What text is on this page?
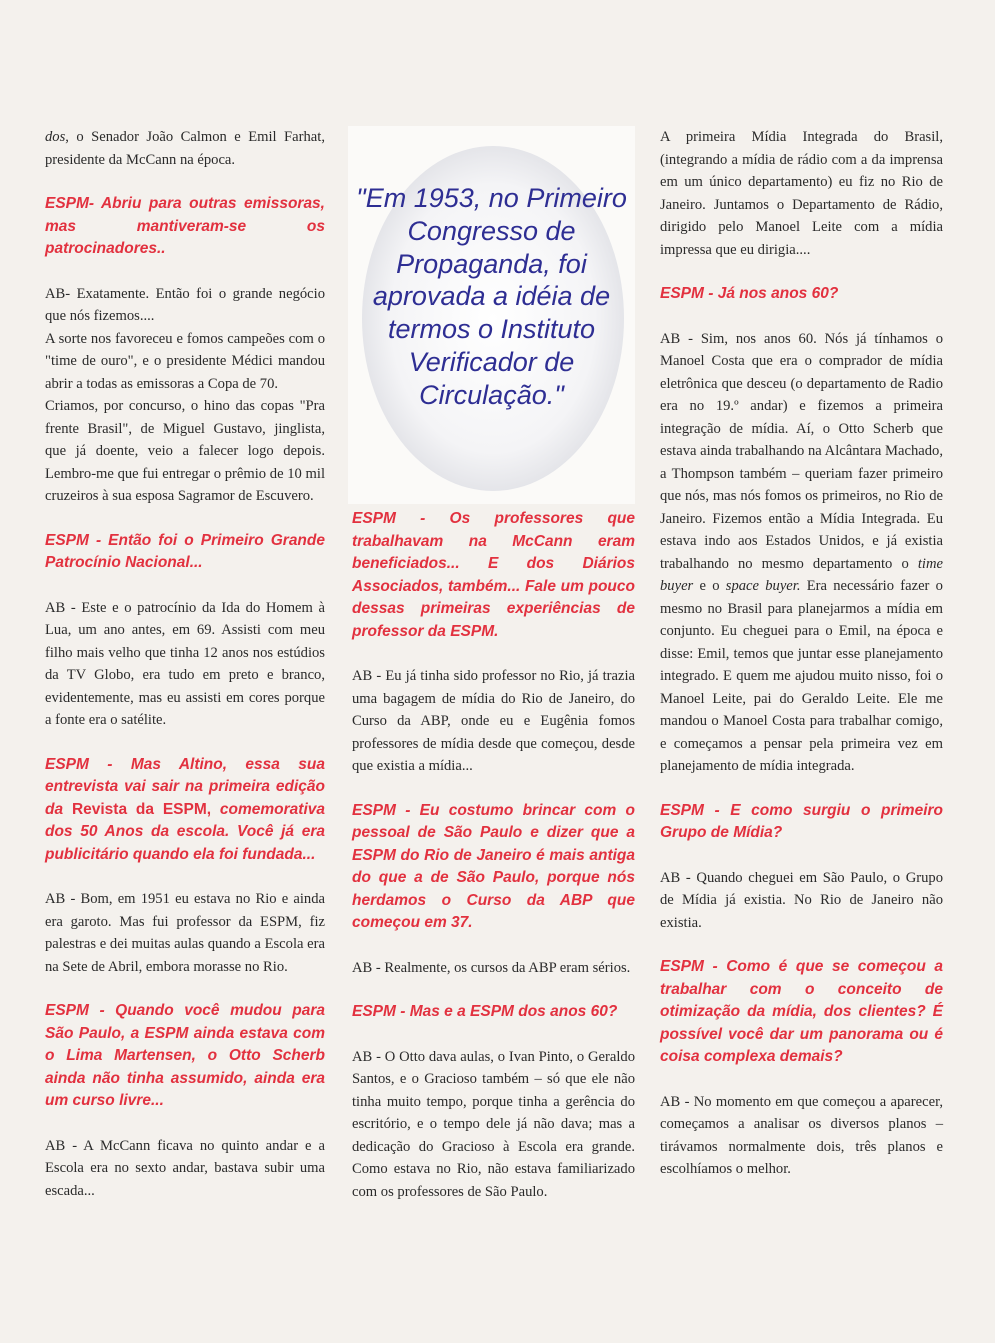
dos, o Senador João Calmon e Emil Farhat, presidente da McCann na época.

ESPM- Abriu para outras emissoras, mas mantiveram-se os patrocinadores..

AB- Exatamente. Então foi o grande negócio que nós fizemos....

A sorte nos favoreceu e fomos campeões com o "time de ouro", e o presidente Médici mandou abrir a todas as emissoras a Copa de 70.

Criamos, por concurso, o hino das copas "Pra frente Brasil", de Miguel Gustavo, jinglista, que já doente, veio a falecer logo depois. Lembro-me que fui entregar o prêmio de 10 mil cruzeiros à sua esposa Sagramor de Escuvero.

ESPM - Então foi o Primeiro Grande Patrocínio Nacional...

AB - Este e o patrocínio da Ida do Homem à Lua, um ano antes, em 69. Assisti com meu filho mais velho que tinha 12 anos nos estúdios da TV Globo, era tudo em preto e branco, evidentemente, mas eu assisti em cores porque a fonte era o satélite.

ESPM - Mas Altino, essa sua entrevista vai sair na primeira edição da Revista da ESPM, comemorativa dos 50 Anos da escola. Você já era publicitário quando ela foi fundada...

AB - Bom, em 1951 eu estava no Rio e ainda era garoto. Mas fui professor da ESPM, fiz palestras e dei muitas aulas quando a Escola era na Sete de Abril, embora morasse no Rio.

ESPM - Quando você mudou para São Paulo, a ESPM ainda estava com o Lima Martensen, o Otto Scherb ainda não tinha assumido, ainda era um curso livre...

AB - A McCann ficava no quinto andar e a Escola era no sexto andar, bastava subir uma escada...

"Em 1953, no Primeiro Congresso de Propaganda, foi aprovada a idéia de termos o Instituto Verificador de Circulação."
ESPM - Os professores que trabalhavam na McCann eram beneficiados... E dos Diários Associados, também... Fale um pouco dessas primeiras experiências de professor da ESPM.

AB - Eu já tinha sido professor no Rio, já trazia uma bagagem de mídia do Rio de Janeiro, do Curso da ABP, onde eu e Eugênia fomos professores de mídia desde que começou, desde que existia a mídia...

ESPM - Eu costumo brincar com o pessoal de São Paulo e dizer que a ESPM do Rio de Janeiro é mais antiga do que a de São Paulo, porque nós herdamos o Curso da ABP que começou em 37.

AB - Realmente, os cursos da ABP eram sérios.

ESPM - Mas e a ESPM dos anos 60?

AB - O Otto dava aulas, o Ivan Pinto, o Geraldo Santos, e o Gracioso também – só que ele não tinha muito tempo, porque tinha a gerência do escritório, e o tempo dele já não dava; mas a dedicação do Gracioso à Escola era grande. Como estava no Rio, não estava familiarizado com os professores de São Paulo.

A primeira Mídia Integrada do Brasil, (integrando a mídia de rádio com a da imprensa em um único departamento) eu fiz no Rio de Janeiro. Juntamos o Departamento de Rádio, dirigido pelo Manoel Leite com a mídia impressa que eu dirigia....

ESPM - Já nos anos 60?

AB - Sim, nos anos 60. Nós já tínhamos o Manoel Costa que era o comprador de mídia eletrônica que desceu (o departamento de Radio era no 19.º andar) e fizemos a primeira integração de mídia. Aí, o Otto Scherb que estava ainda trabalhando na Alcântara Machado, a Thompson também – queriam fazer primeiro que nós, mas nós fomos os primeiros, no Rio de Janeiro. Fizemos então a Mídia Integrada. Eu estava indo aos Estados Unidos, e já existia trabalhando no mesmo departamento o time buyer e o space buyer. Era necessário fazer o mesmo no Brasil para planejarmos a mídia em conjunto. Eu cheguei para o Emil, na época e disse: Emil, temos que juntar esse planejamento integrado. E quem me ajudou muito nisso, foi o Manoel Leite, pai do Geraldo Leite. Ele me mandou o Manoel Costa para trabalhar comigo, e começamos a pensar pela primeira vez em planejamento de mídia integrada.

ESPM - E como surgiu o primeiro Grupo de Mídia?

AB - Quando cheguei em São Paulo, o Grupo de Mídia já existia. No Rio de Janeiro não existia.

ESPM - Como é que se começou a trabalhar com o conceito de otimização da mídia, dos clientes? É possível você dar um panorama ou é coisa complexa demais?

AB - No momento em que começou a aparecer, começamos a analisar os diversos planos – tirávamos normalmente dois, três planos e escolhíamos o melhor.
